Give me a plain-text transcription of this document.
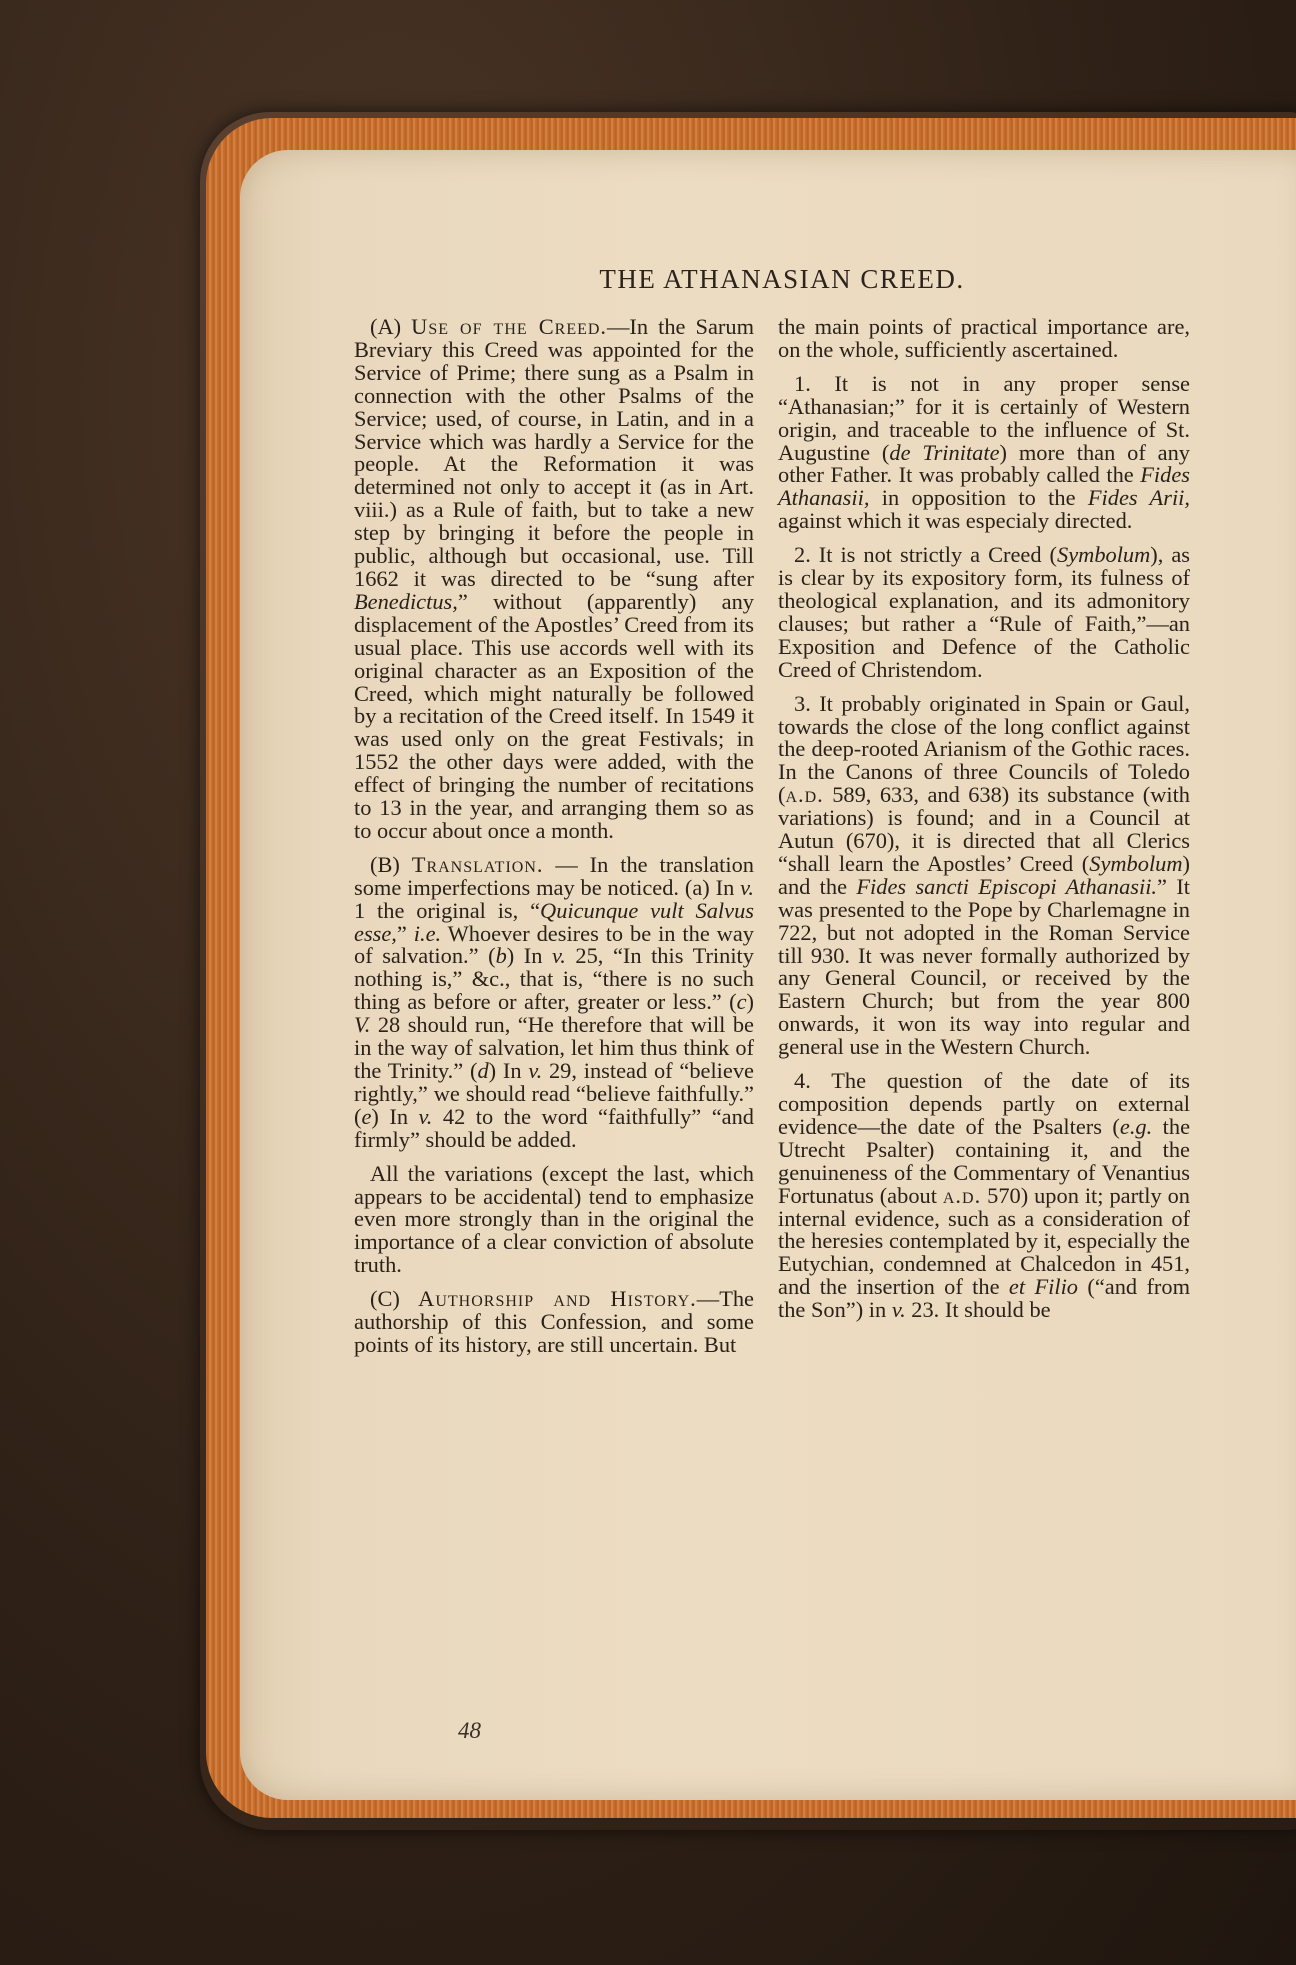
THE ATHANASIAN CREED.

(A) Use of the Creed.—In the Sarum Breviary this Creed was appointed for the Service of Prime; there sung as a Psalm in connection with the other Psalms of the Service; used, of course, in Latin, and in a Service which was hardly a Service for the people. At the Reformation it was determined not only to accept it (as in Art. viii.) as a Rule of faith, but to take a new step by bringing it before the people in public, although but occasional, use. Till 1662 it was directed to be “sung after Benedictus,” without (apparently) any displacement of the Apostles’ Creed from its usual place. This use accords well with its original character as an Exposition of the Creed, which might naturally be followed by a recitation of the Creed itself. In 1549 it was used only on the great Festivals; in 1552 the other days were added, with the effect of bringing the number of recitations to 13 in the year, and arranging them so as to occur about once a month.

(B) Translation. — In the translation some imperfections may be noticed. (a) In v. 1 the original is, “Quicunque vult Salvus esse,” i.e. Whoever desires to be in the way of salvation.” (b) In v. 25, “In this Trinity nothing is,” &c., that is, “there is no such thing as before or after, greater or less.” (c) V. 28 should run, “He therefore that will be in the way of salvation, let him thus think of the Trinity.” (d) In v. 29, instead of “believe rightly,” we should read “believe faithfully.” (e) In v. 42 to the word “faithfully” “and firmly” should be added.

All the variations (except the last, which appears to be accidental) tend to emphasize even more strongly than in the original the importance of a clear conviction of absolute truth.

(C) Authorship and History.—The authorship of this Confession, and some points of its history, are still uncertain. But

the main points of practical importance are, on the whole, sufficiently ascertained.

1. It is not in any proper sense “Athanasian;” for it is certainly of Western origin, and traceable to the influence of St. Augustine (de Trinitate) more than of any other Father. It was probably called the Fides Athanasii, in opposition to the Fides Arii, against which it was especialy directed.

2. It is not strictly a Creed (Symbolum), as is clear by its expository form, its fulness of theological explanation, and its admonitory clauses; but rather a “Rule of Faith,”—an Exposition and Defence of the Catholic Creed of Christendom.

3. It probably originated in Spain or Gaul, towards the close of the long conflict against the deep-rooted Arianism of the Gothic races. In the Canons of three Councils of Toledo (a.d. 589, 633, and 638) its substance (with variations) is found; and in a Council at Autun (670), it is directed that all Clerics “shall learn the Apostles’ Creed (Symbolum) and the Fides sancti Episcopi Athanasii.” It was presented to the Pope by Charlemagne in 722, but not adopted in the Roman Service till 930. It was never formally authorized by any General Council, or received by the Eastern Church; but from the year 800 onwards, it won its way into regular and general use in the Western Church.

4. The question of the date of its composition depends partly on external evidence—the date of the Psalters (e.g. the Utrecht Psalter) containing it, and the genuineness of the Commentary of Venantius Fortunatus (about a.d. 570) upon it; partly on internal evidence, such as a consideration of the heresies contemplated by it, especially the Eutychian, condemned at Chalcedon in 451, and the insertion of the et Filio (“and from the Son”) in v. 23. It should be

48
